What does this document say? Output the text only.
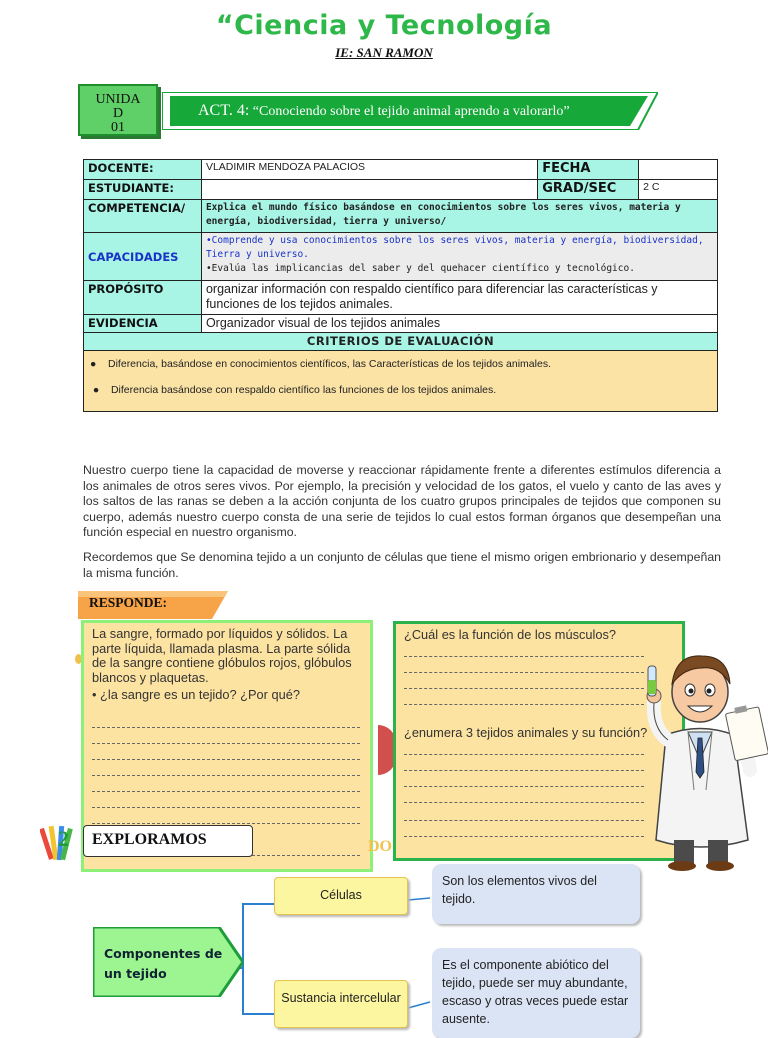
“Ciencia y Tecnología
IE: SAN RAMON
UNIDA
D
01
ACT. 4: “Conociendo sobre el tejido animal aprendo a valorarlo”
DOCENTE:	VLADIMIR MENDOZA PALACIOS	FECHA	
ESTUDIANTE:		GRAD/SEC	2 C
COMPETENCIA/	Explica el mundo físico basándose en conocimientos sobre los seres vivos, materia y energía, biodiversidad, tierra y universo/		
CAPACIDADES	•Comprende y usa conocimientos sobre los seres vivos, materia y energía, biodiversidad, Tierra y universo.
•Evalúa las implicancias del saber y del quehacer científico y tecnológico.		

PROPÓSITO	organizar información con respaldo científico para diferenciar las características y funciones de los tejidos animales.		
EVIDENCIA	Organizador visual de los tejidos animales		
CRITERIOS DE EVALUACIÓN			

● Diferencia, basándose en conocimientos científicos, las Características de los tejidos animales.
● Diferencia basándose con respaldo científico las funciones de los tejidos animales.			
Nuestro cuerpo tiene la capacidad de moverse y reaccionar rápidamente frente a diferentes estímulos diferencia a los animales de otros seres vivos. Por ejemplo, la precisión y velocidad de los gatos, el vuelo y canto de las aves y los saltos de las ranas se deben a la acción conjunta de los cuatro grupos principales de tejidos que componen su cuerpo, además nuestro cuerpo consta de una serie de tejidos lo cual estos forman órganos que desempeñan una función especial en nuestro organismo.
Recordemos que Se denomina tejido a un conjunto de células que tiene el mismo origen embrionario y desempeñan la misma función.
RESPONDE:
La sangre, formado por líquidos y sólidos. La parte líquida, llamada plasma. La parte sólida de la sangre contiene glóbulos rojos, glóbulos blancos y plaquetas.
• ¿la sangre es un tejido? ¿Por qué?
¿Cuál es la función de los músculos?
¿enumera 3 tejidos animales y su función?
2	EXPLORAMOS	DO
Componentes de un tejido
Células
Son los elementos vivos del tejido.
Sustancia intercelular
Es el componente abiótico del tejido, puede ser muy abundante, escaso y otras veces puede estar ausente.
